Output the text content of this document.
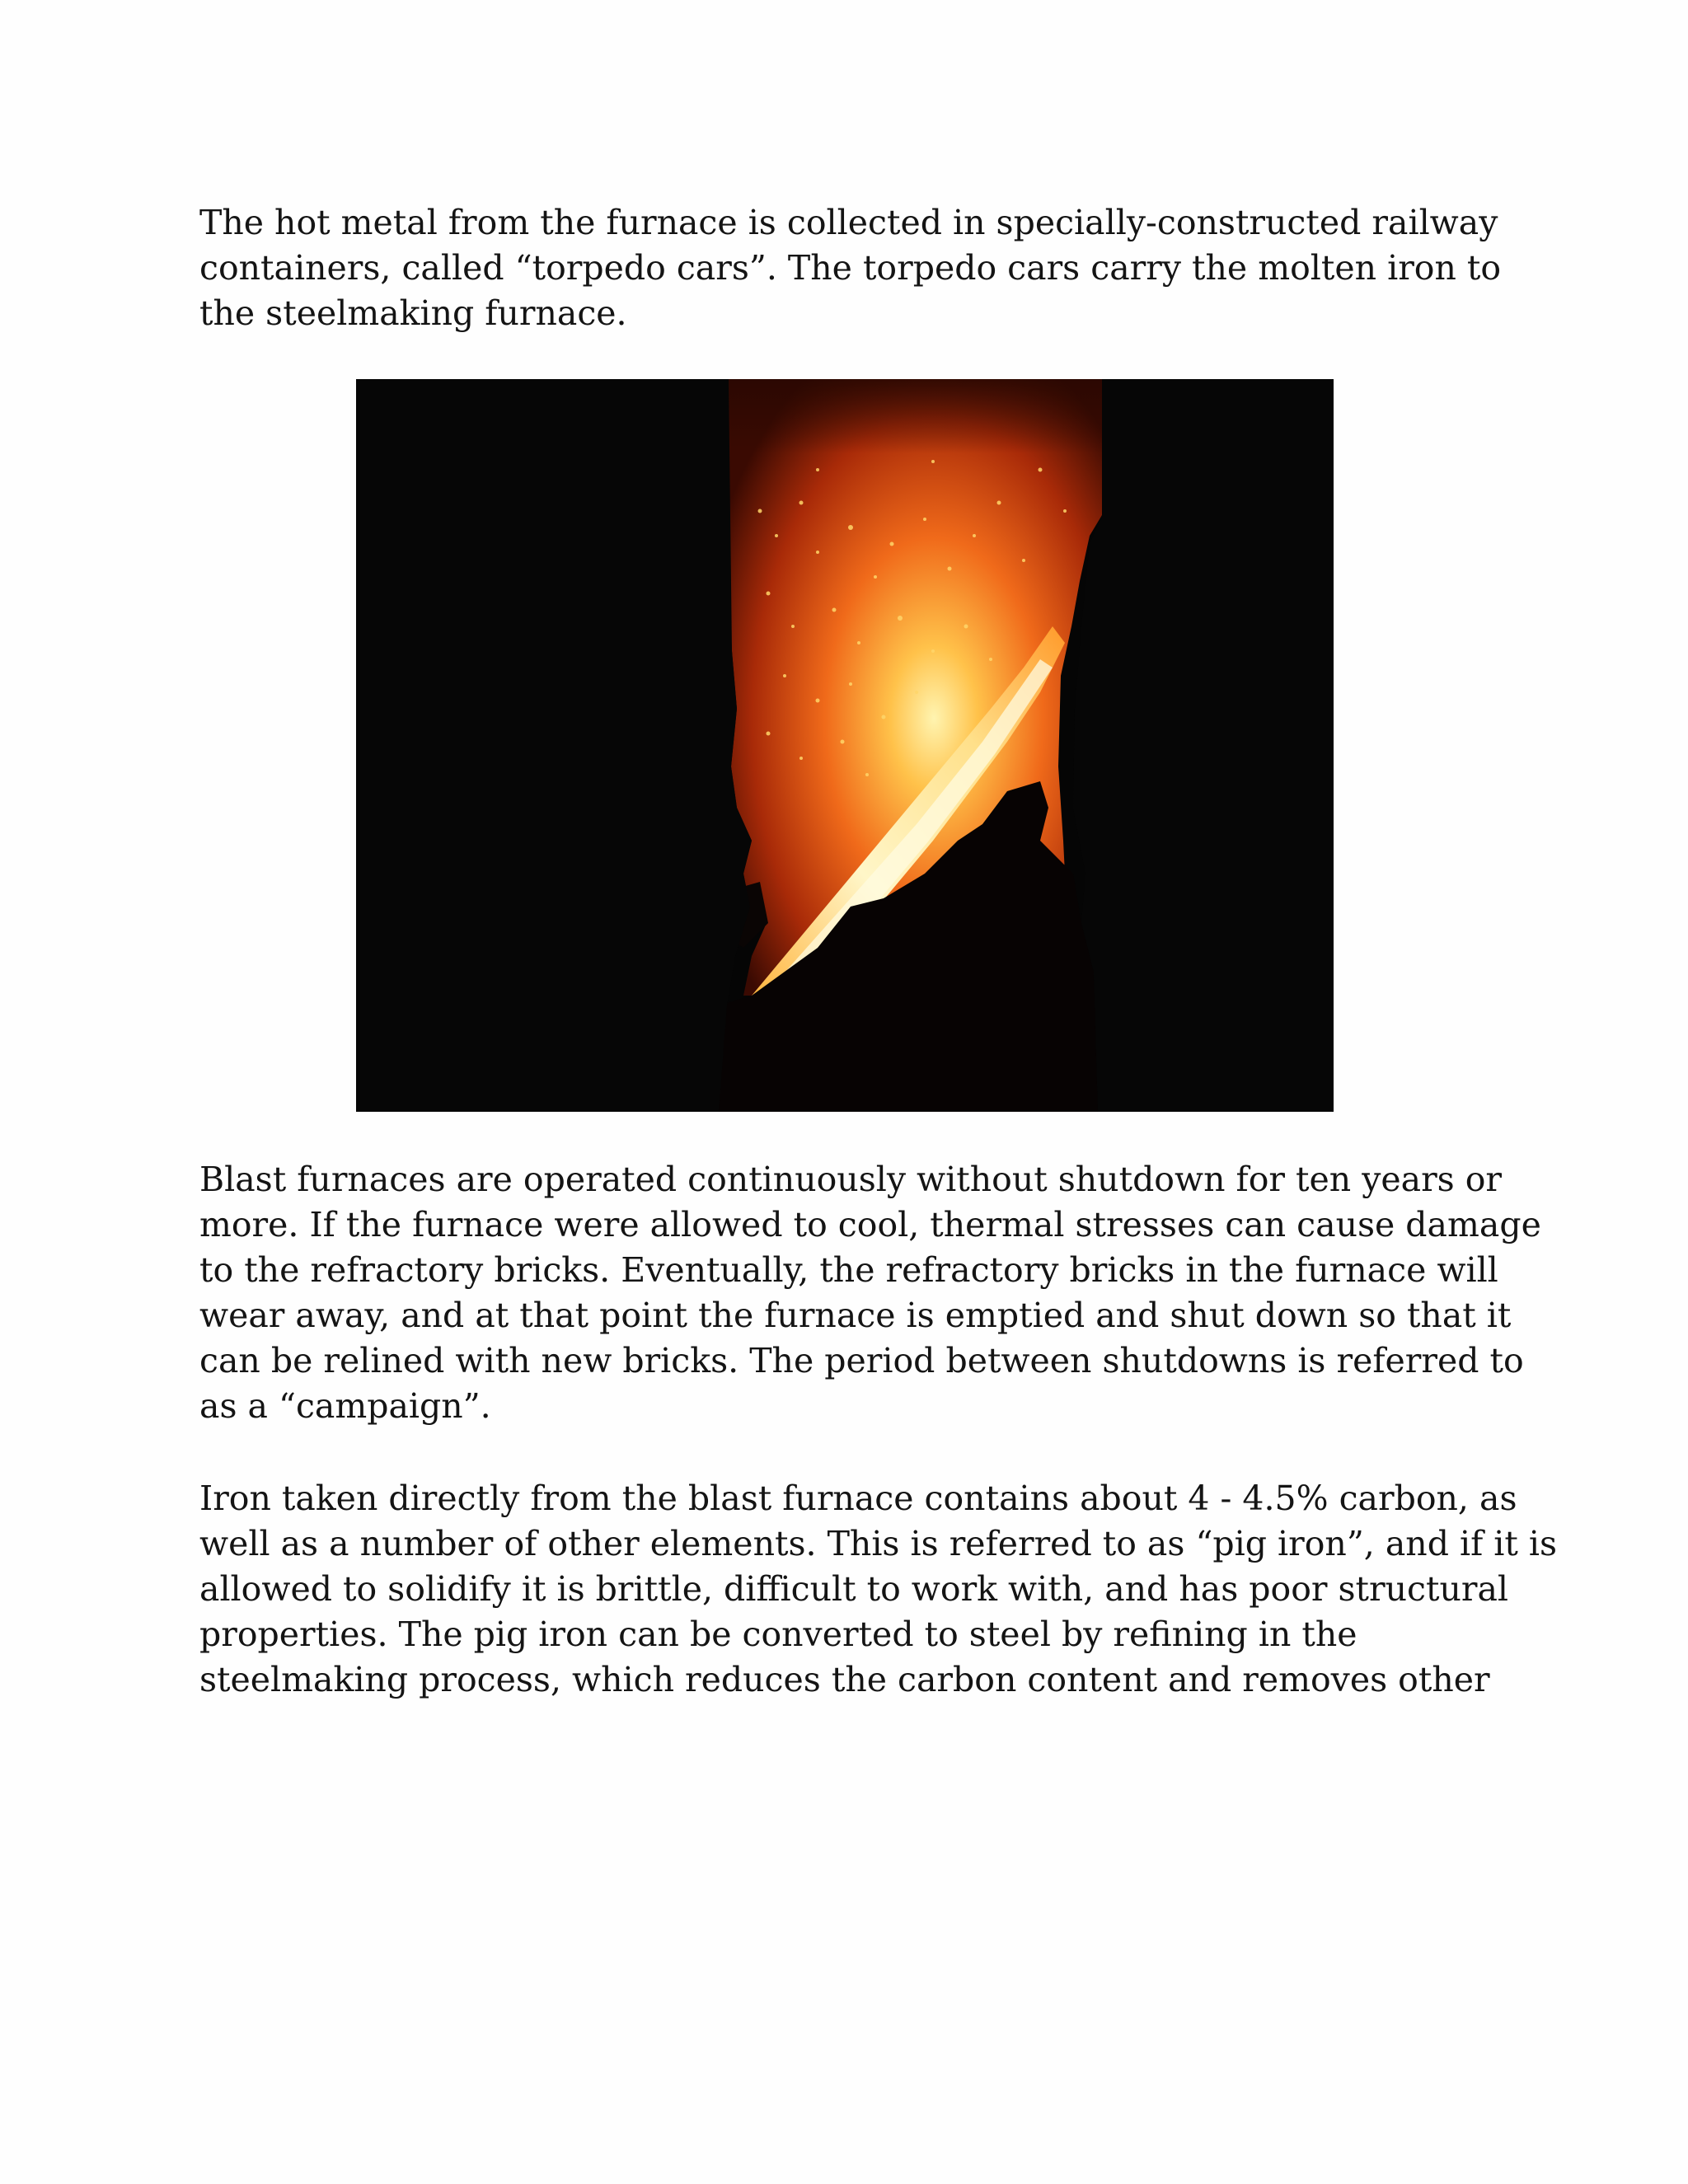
The hot metal from the furnace is collected in specially-constructed railway
containers, called “torpedo cars”. The torpedo cars carry the molten iron to
the steelmaking furnace.

Blast furnaces are operated continuously without shutdown for ten years or
more. If the furnace were allowed to cool, thermal stresses can cause damage
to the refractory bricks. Eventually, the refractory bricks in the furnace will
wear away, and at that point the furnace is emptied and shut down so that it
can be relined with new bricks. The period between shutdowns is referred to
as a “campaign”.

Iron taken directly from the blast furnace contains about 4 - 4.5% carbon, as
well as a number of other elements. This is referred to as “pig iron”, and if it is
allowed to solidify it is brittle, difficult to work with, and has poor structural
properties. The pig iron can be converted to steel by refining in the
steelmaking process, which reduces the carbon content and removes other
